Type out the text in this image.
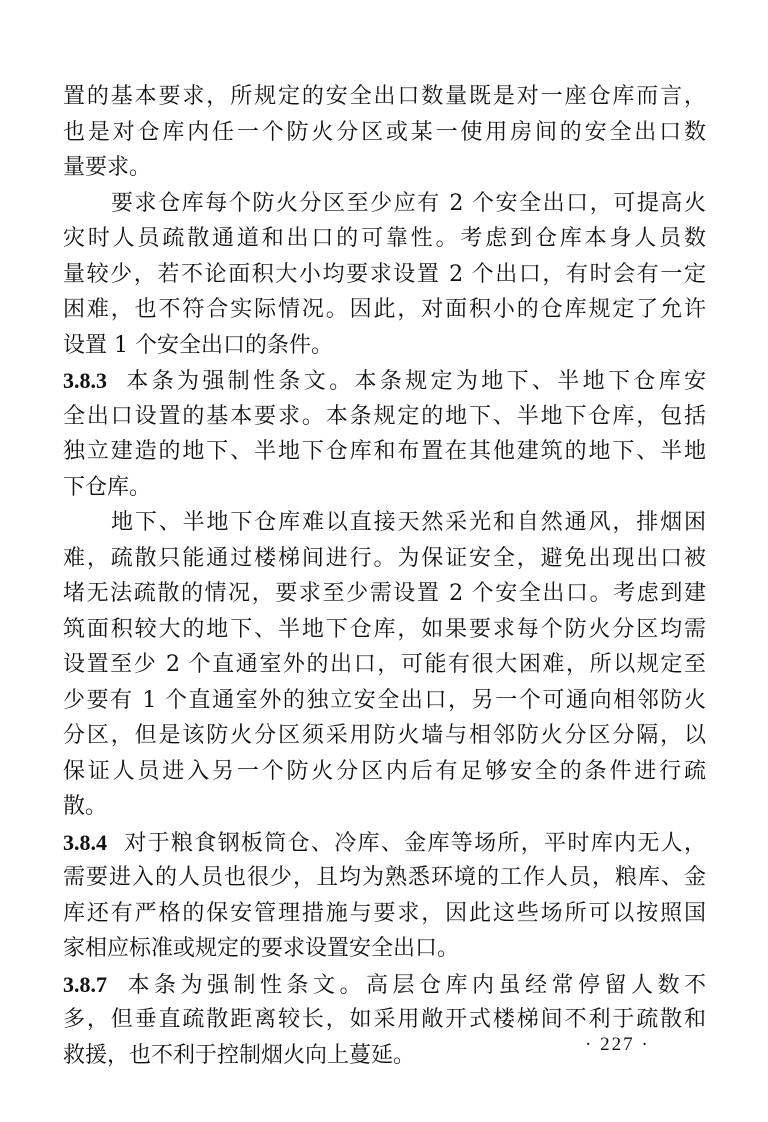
置的基本要求，所规定的安全出口数量既是对一座仓库而言，
也是对仓库内任一个防火分区或某一使用房间的安全出口数
量要求。
要求仓库每个防火分区至少应有 2 个安全出口，可提高火
灾时人员疏散通道和出口的可靠性。考虑到仓库本身人员数
量较少，若不论面积大小均要求设置 2 个出口，有时会有一定
困难，也不符合实际情况。因此，对面积小的仓库规定了允许
设置 1 个安全出口的条件。
3.8.3 本条为强制性条文。本条规定为地下、半地下仓库安
全出口设置的基本要求。本条规定的地下、半地下仓库，包括
独立建造的地下、半地下仓库和布置在其他建筑的地下、半地
下仓库。
地下、半地下仓库难以直接天然采光和自然通风，排烟困
难，疏散只能通过楼梯间进行。为保证安全，避免出现出口被
堵无法疏散的情况，要求至少需设置 2 个安全出口。考虑到建
筑面积较大的地下、半地下仓库，如果要求每个防火分区均需
设置至少 2 个直通室外的出口，可能有很大困难，所以规定至
少要有 1 个直通室外的独立安全出口，另一个可通向相邻防火
分区，但是该防火分区须采用防火墙与相邻防火分区分隔，以
保证人员进入另一个防火分区内后有足够安全的条件进行疏
散。
3.8.4 对于粮食钢板筒仓、冷库、金库等场所，平时库内无人，
需要进入的人员也很少，且均为熟悉环境的工作人员，粮库、金
库还有严格的保安管理措施与要求，因此这些场所可以按照国
家相应标准或规定的要求设置安全出口。
3.8.7 本条为强制性条文。高层仓库内虽经常停留人数不
多，但垂直疏散距离较长，如采用敞开式楼梯间不利于疏散和
救援，也不利于控制烟火向上蔓延。	· 227 ·
